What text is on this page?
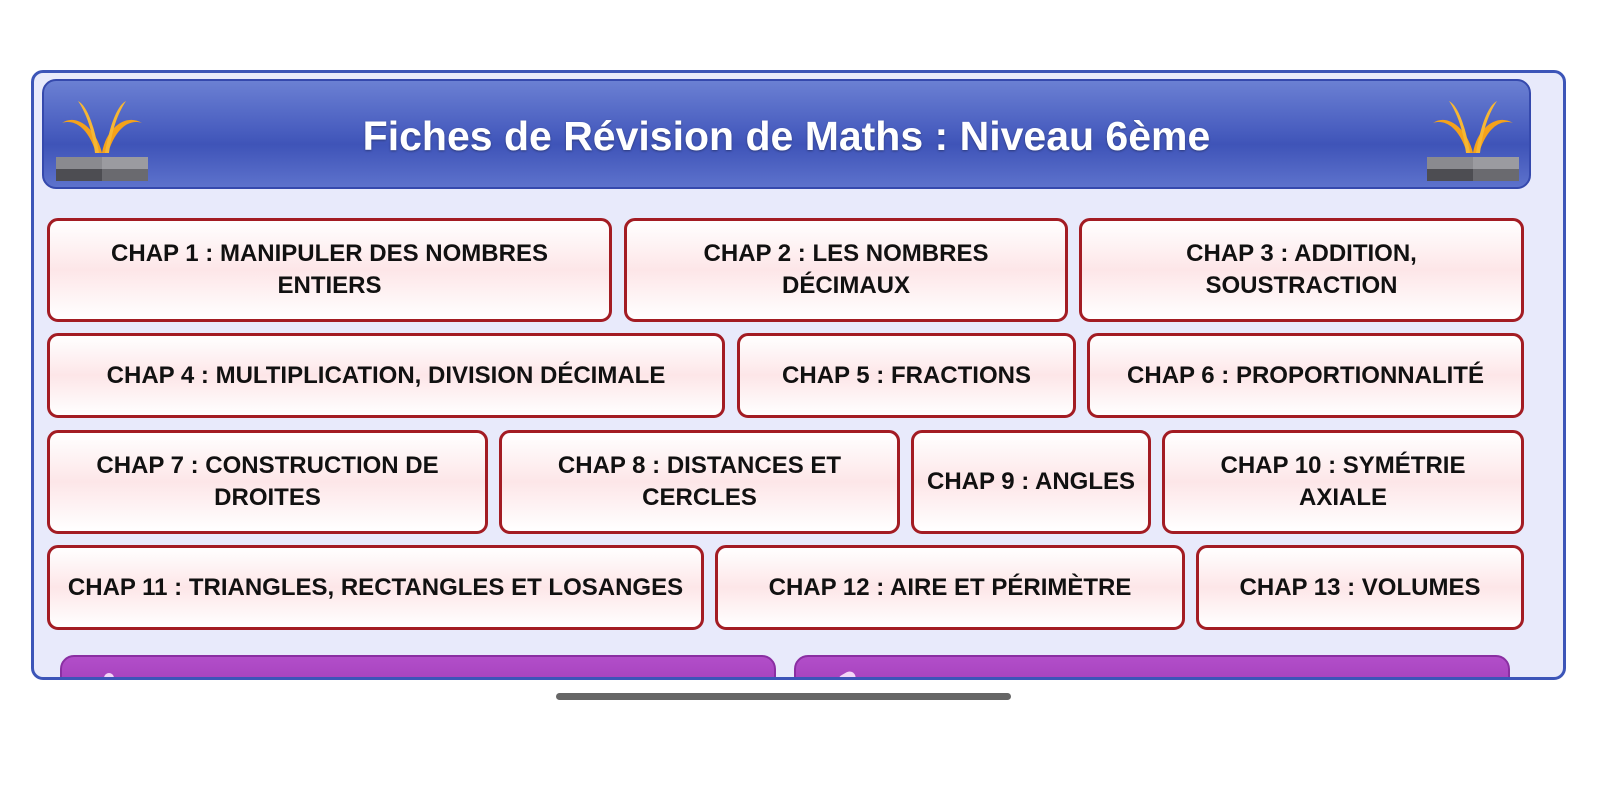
Fiches de Révision de Maths : Niveau 6ème
CHAP 1 : MANIPULER DES NOMBRES ENTIERS
CHAP 2 : LES NOMBRES DÉCIMAUX
CHAP 3 : ADDITION, SOUSTRACTION
CHAP 4 : MULTIPLICATION, DIVISION DÉCIMALE	CHAP 5 : FRACTIONS	CHAP 6 : PROPORTIONNALITÉ
CHAP 7 : CONSTRUCTION DE DROITES
CHAP 8 : DISTANCES ET CERCLES
CHAP 9 : ANGLES
CHAP 10 : SYMÉTRIE AXIALE
CHAP 11 : TRIANGLES, RECTANGLES ET LOSANGES	CHAP 12 : AIRE ET PÉRIMÈTRE	CHAP 13 : VOLUMES
